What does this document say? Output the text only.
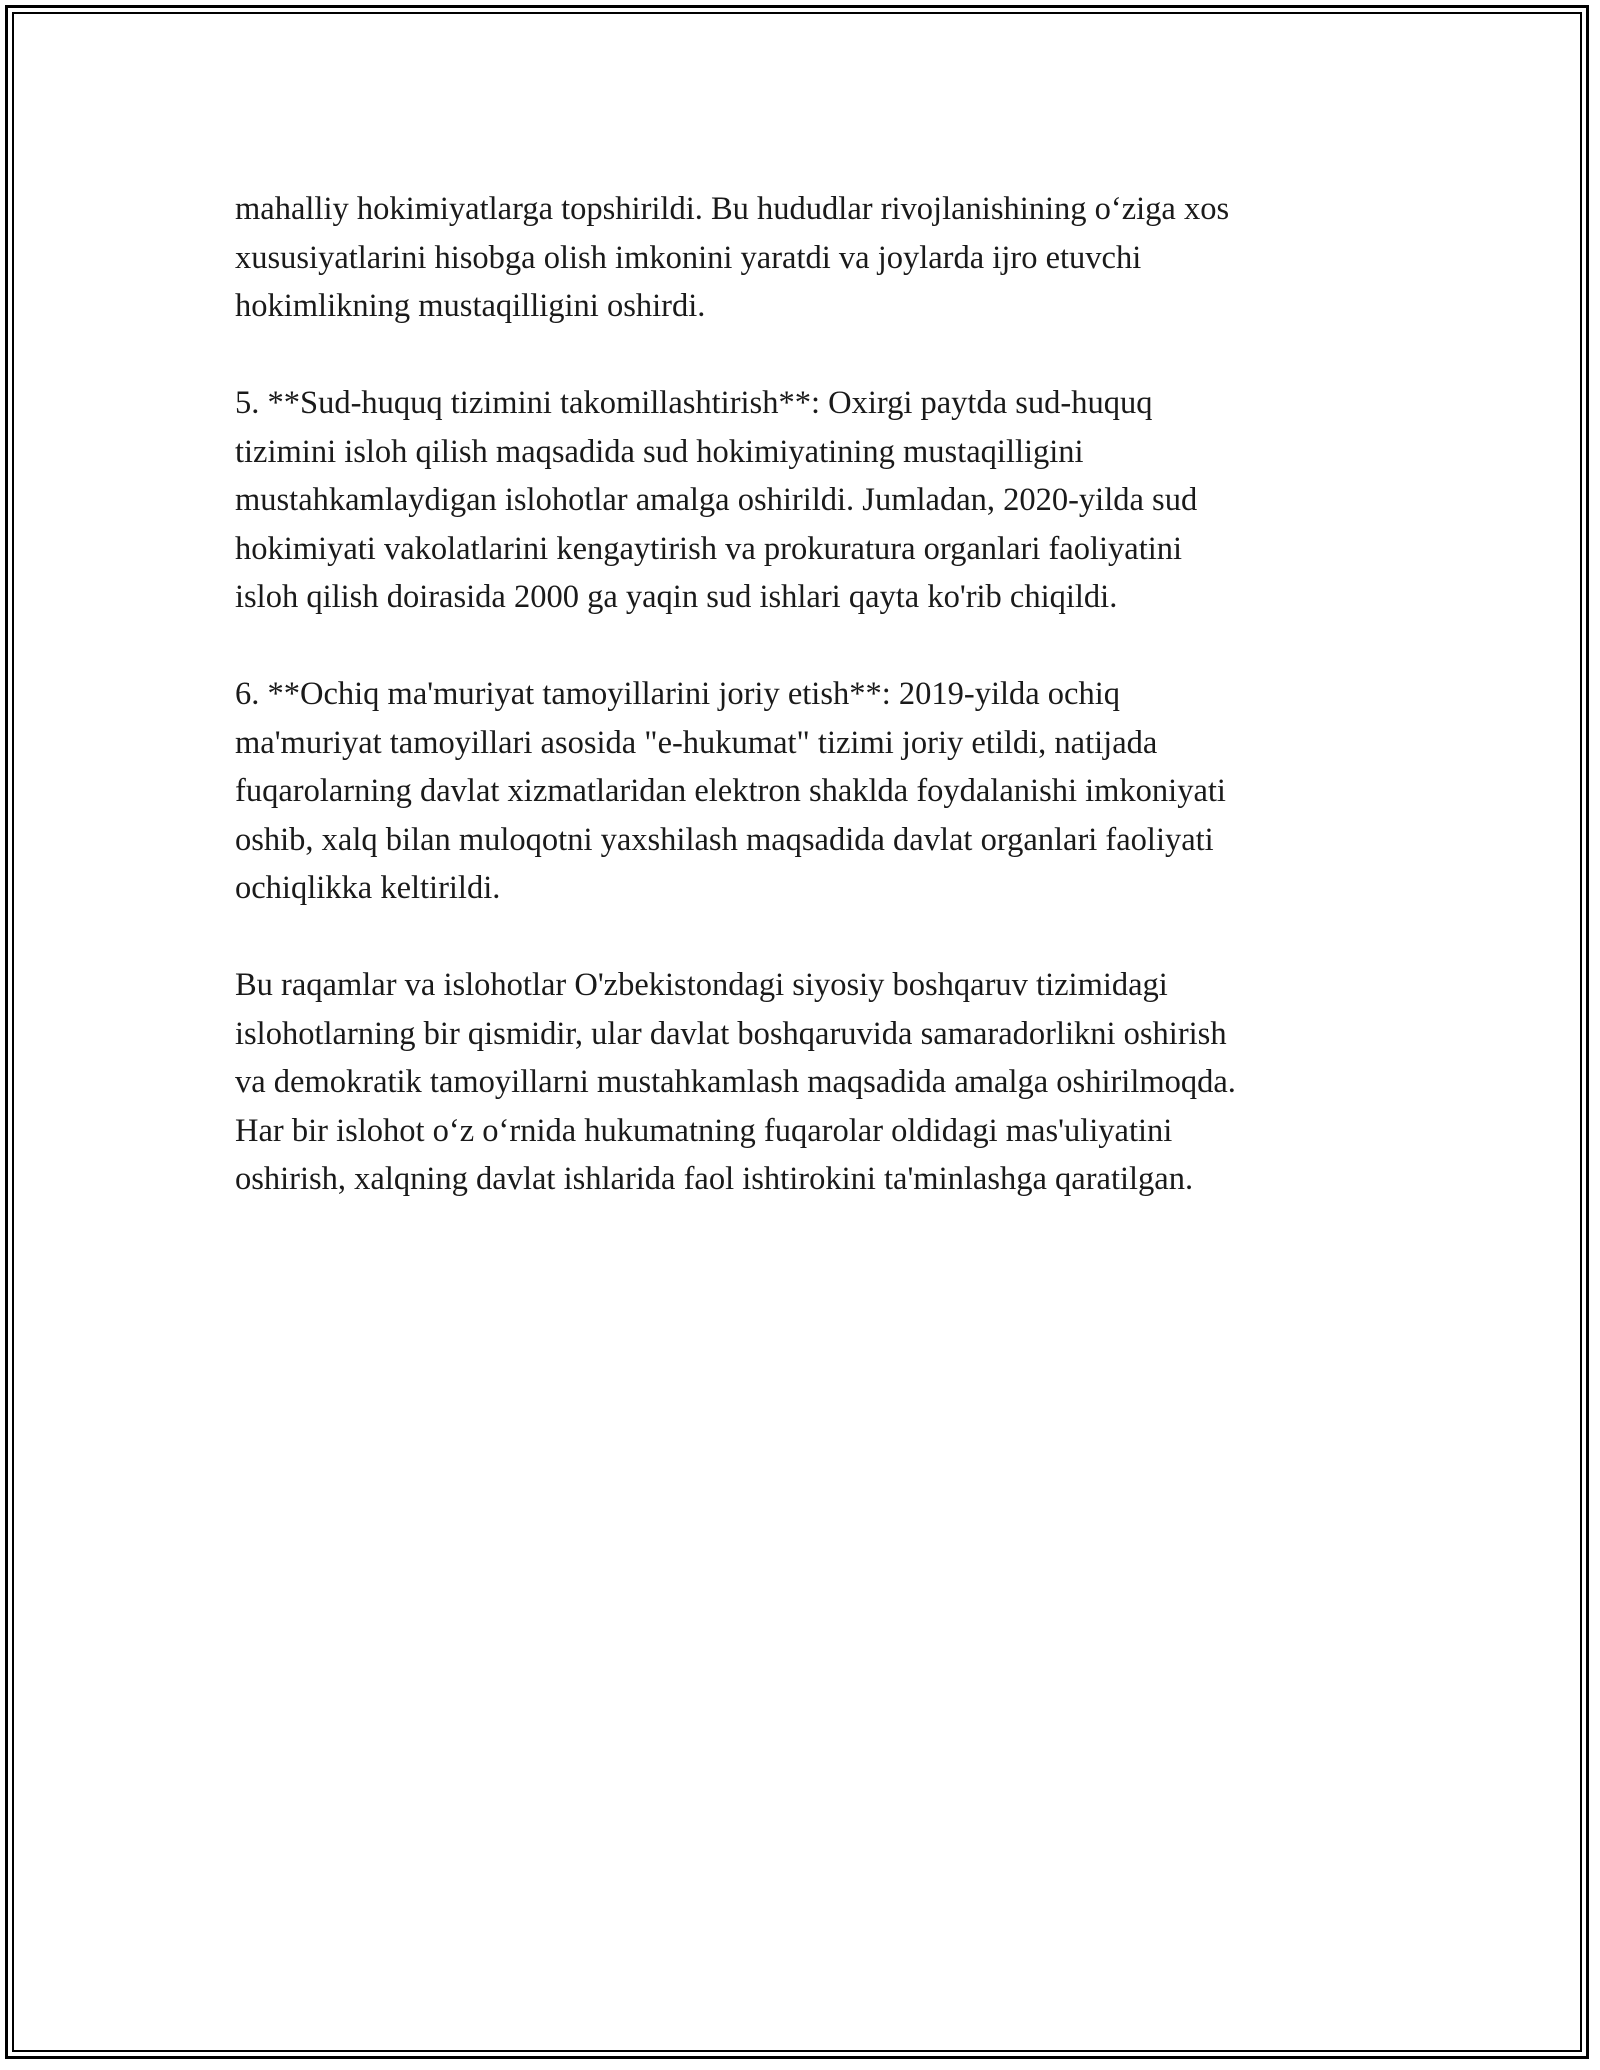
mahalliy hokimiyatlarga topshirildi. Bu hududlar rivojlanishining o‘ziga xos
xususiyatlarini hisobga olish imkonini yaratdi va joylarda ijro etuvchi
hokimlikning mustaqilligini oshirdi.

5. **Sud-huquq tizimini takomillashtirish**: Oxirgi paytda sud-huquq
tizimini isloh qilish maqsadida sud hokimiyatining mustaqilligini
mustahkamlaydigan islohotlar amalga oshirildi. Jumladan, 2020-yilda sud
hokimiyati vakolatlarini kengaytirish va prokuratura organlari faoliyatini
isloh qilish doirasida 2000 ga yaqin sud ishlari qayta ko'rib chiqildi.

6. **Ochiq ma'muriyat tamoyillarini joriy etish**: 2019-yilda ochiq
ma'muriyat tamoyillari asosida "e-hukumat" tizimi joriy etildi, natijada
fuqarolarning davlat xizmatlaridan elektron shaklda foydalanishi imkoniyati
oshib, xalq bilan muloqotni yaxshilash maqsadida davlat organlari faoliyati
ochiqlikka keltirildi.

Bu raqamlar va islohotlar O'zbekistondagi siyosiy boshqaruv tizimidagi
islohotlarning bir qismidir, ular davlat boshqaruvida samaradorlikni oshirish
va demokratik tamoyillarni mustahkamlash maqsadida amalga oshirilmoqda.
Har bir islohot o‘z o‘rnida hukumatning fuqarolar oldidagi mas'uliyatini
oshirish, xalqning davlat ishlarida faol ishtirokini ta'minlashga qaratilgan.
